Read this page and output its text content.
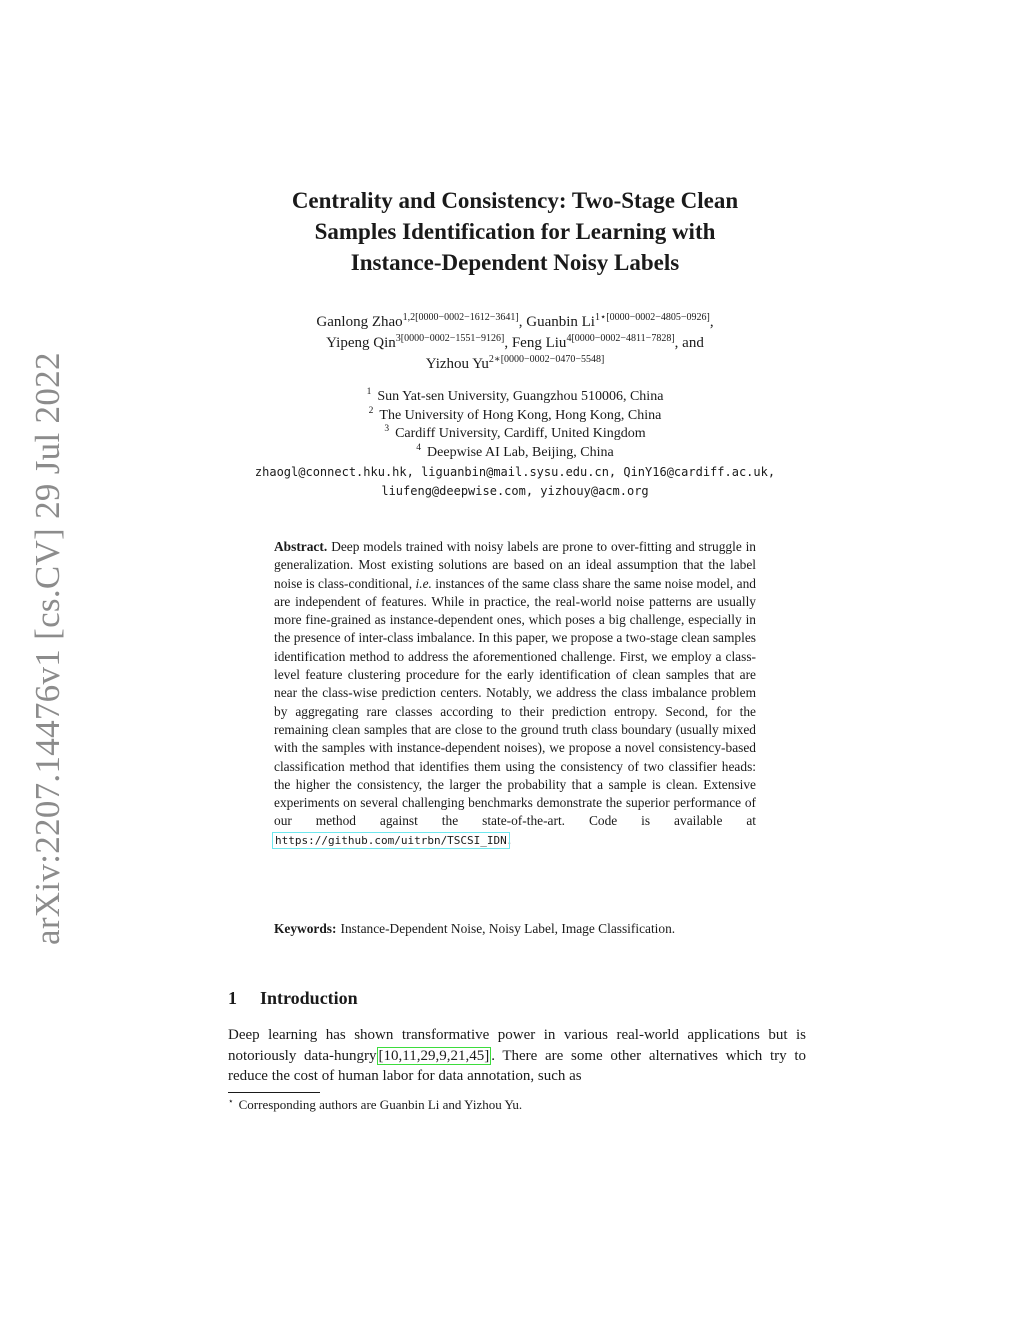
arXiv:2207.14476v1 [cs.CV] 29 Jul 2022
Centrality and Consistency: Two-Stage Clean
Samples Identification for Learning with
Instance-Dependent Noisy Labels
Ganlong Zhao$^{1,2[0000-0002-1612-3641]}$, Guanbin $Li^{1⋆[0000-0002-4805-0926]}$,
Yipeng Qin$^{3[0000-0002-1551-9126]}$, Feng Liu$^{4[0000-0002-4811-7828]}$, and
Yizhou $Yu^{2∗[0000-0002-0470-5548]}$
$^1$ Sun Yat-sen University, Guangzhou 510006, China
$^2$ The University of Hong Kong, Hong Kong, China
$^3$ Cardiff University, Cardiff, United Kingdom
$^4$ Deepwise AI Lab, Beijing, China
zhaogl@connect.hku.hk, liguanbin@mail.sysu.edu.cn, QinY16@cardiff.ac.uk,
liufeng@deepwise.com, yizhouy@acm.org
Abstract. Deep models trained with noisy labels are prone to over-fitting and struggle in generalization. Most existing solutions are based on an ideal assumption that the label noise is class-conditional, i.e. instances of the same class share the same noise model, and are independent of features. While in practice, the real-world noise patterns are usually more fine-grained as instance-dependent ones, which poses a big challenge, especially in the presence of inter-class imbalance. In this paper, we propose a two-stage clean samples identification method to address the aforementioned challenge. First, we employ a class-level feature clustering procedure for the early identification of clean samples that are near the class-wise prediction centers. Notably, we address the class imbalance problem by aggregating rare classes according to their prediction entropy. Second, for the remaining clean samples that are close to the ground truth class boundary (usually mixed with the samples with instance-dependent noises), we propose a novel consistency-based classification method that identifies them using the consistency of two classifier heads: the higher the consistency, the larger the probability that a sample is clean. Extensive experiments on several challenging benchmarks demonstrate the superior performance of our method against the state-of-the-art. Code is available at https://github.com/uitrbn/TSCSI_IDN.
Keywords: Instance-Dependent Noise, Noisy Label, Image Classification.
1 Introduction
Deep learning has shown transformative power in various real-world applications but is notoriously data-hungry [10,11,29,9,21,45] . There are some other alternatives which try to reduce the cost of human labor for data annotation, such as
⋆ Corresponding authors are Guanbin Li and Yizhou Yu.
